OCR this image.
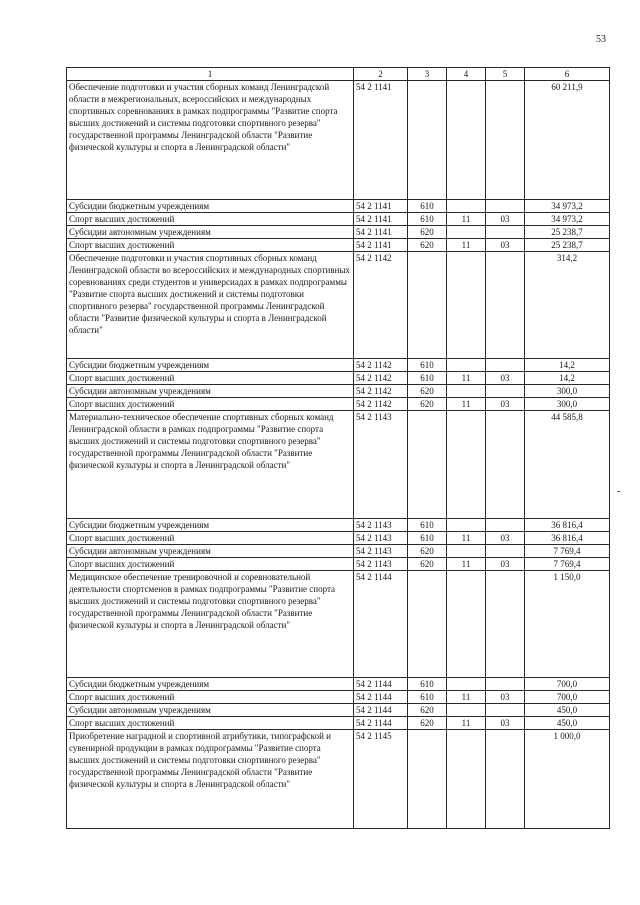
53
-
1	2	3	4	5	6
Обеспечение подготовки и участия сборных команд Ленинградской области в межрегиональных, всероссийских и международных спортивных соревнованиях в рамках подпрограммы "Развитие спорта высших достижений и системы подготовки спортивного резерва" государственной программы Ленинградской области "Развитие физической культуры и спорта в Ленинградской области"	54 2 1141				60 211,9
Субсидии бюджетным учреждениям	54 2 1141	610			34 973,2
Спорт высших достижений	54 2 1141	610	11	03	34 973,2
Субсидии автономным учреждениям	54 2 1141	620			25 238,7
Спорт высших достижений	54 2 1141	620	11	03	25 238,7
Обеспечение подготовки и участия спортивных сборных команд Ленинградской области во всероссийских и международных спортивных соревнованиях среди студентов и универсиадах в рамках подпрограммы "Развитие спорта высших достижений и системы подготовки спортивного резерва" государственной программы Ленинградской области "Развитие физической культуры и спорта в Ленинградской области"	54 2 1142				314,2
Субсидии бюджетным учреждениям	54 2 1142	610			14,2
Спорт высших достижений	54 2 1142	610	11	03	14,2
Субсидии автономным учреждениям	54 2 1142	620			300,0
Спорт высших достижений	54 2 1142	620	11	03	300,0
Материально-техническое обеспечение спортивных сборных команд Ленинградской области в рамках подпрограммы "Развитие спорта высших достижений и системы подготовки спортивного резерва" государственной программы Ленинградской области "Развитие физической культуры и спорта в Ленинградской области"	54 2 1143				44 585,8
Субсидии бюджетным учреждениям	54 2 1143	610			36 816,4
Спорт высших достижений	54 2 1143	610	11	03	36 816,4
Субсидии автономным учреждениям	54 2 1143	620			7 769,4
Спорт высших достижений	54 2 1143	620	11	03	7 769,4
Медицинское обеспечение тренировочной и соревновательной деятельности спортсменов в рамках подпрограммы "Развитие спорта высших достижений и системы подготовки спортивного резерва" государственной программы Ленинградской области "Развитие физической культуры и спорта в Ленинградской области"	54 2 1144				1 150,0
Субсидии бюджетным учреждениям	54 2 1144	610			700,0
Спорт высших достижений	54 2 1144	610	11	03	700,0
Субсидии автономным учреждениям	54 2 1144	620			450,0
Спорт высших достижений	54 2 1144	620	11	03	450,0
Приобретение наградной и спортивной атрибутики, типографской и сувенирной продукции в рамках подпрограммы "Развитие спорта высших достижений и системы подготовки спортивного резерва" государственной программы Ленинградской области "Развитие физической культуры и спорта в Ленинградской области"	54 2 1145				1 000,0
